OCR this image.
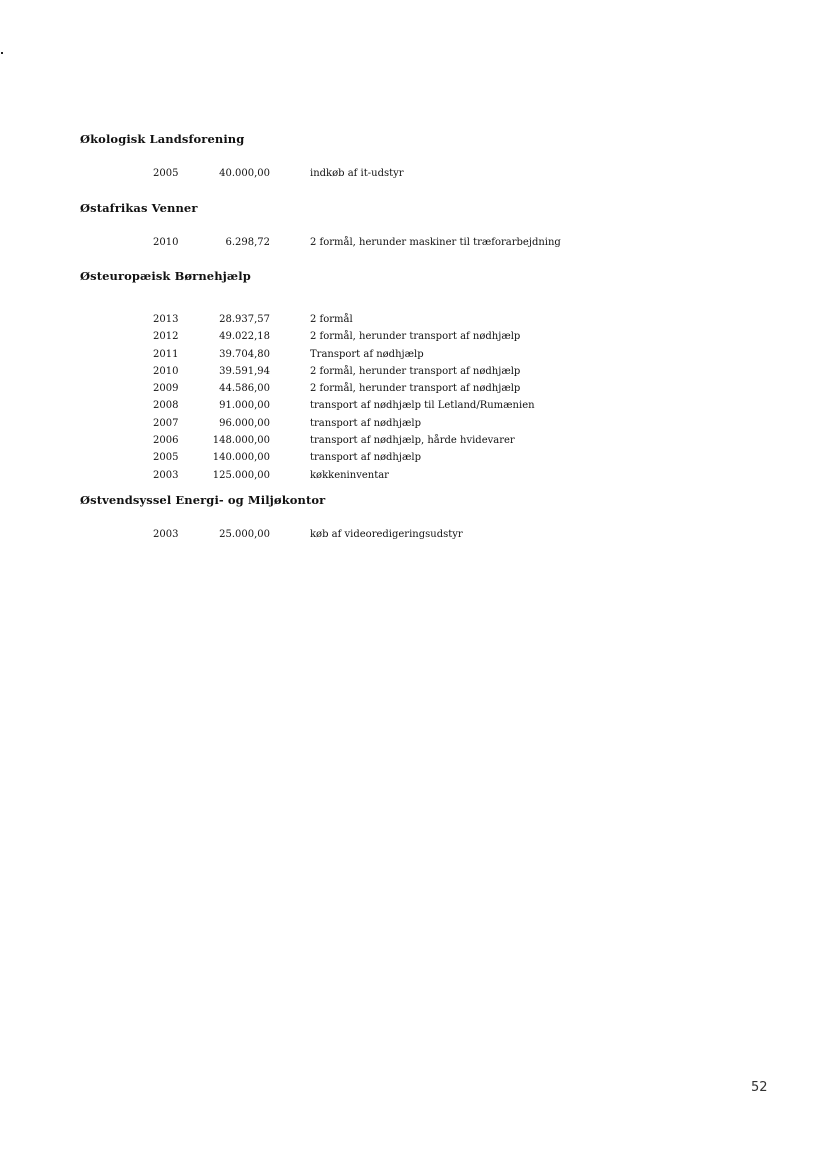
Økologisk Landsforening
2005	40.000,00	indkøb af it-udstyr
Østafrikas Venner
2010	6.298,72	2 formål, herunder maskiner til træforarbejdning
Østeuropæisk Børnehjælp
2013	28.937,57	2 formål
2012	49.022,18	2 formål, herunder transport af nødhjælp
2011	39.704,80	Transport af nødhjælp
2010	39.591,94	2 formål, herunder transport af nødhjælp
2009	44.586,00	2 formål, herunder transport af nødhjælp
2008	91.000,00	transport af nødhjælp til Letland/Rumænien
2007	96.000,00	transport af nødhjælp
2006	148.000,00	transport af nødhjælp, hårde hvidevarer
2005	140.000,00	transport af nødhjælp
2003	125.000,00	køkkeninventar
Østvendsyssel Energi- og Miljøkontor
2003	25.000,00	køb af videoredigeringsudstyr
52
